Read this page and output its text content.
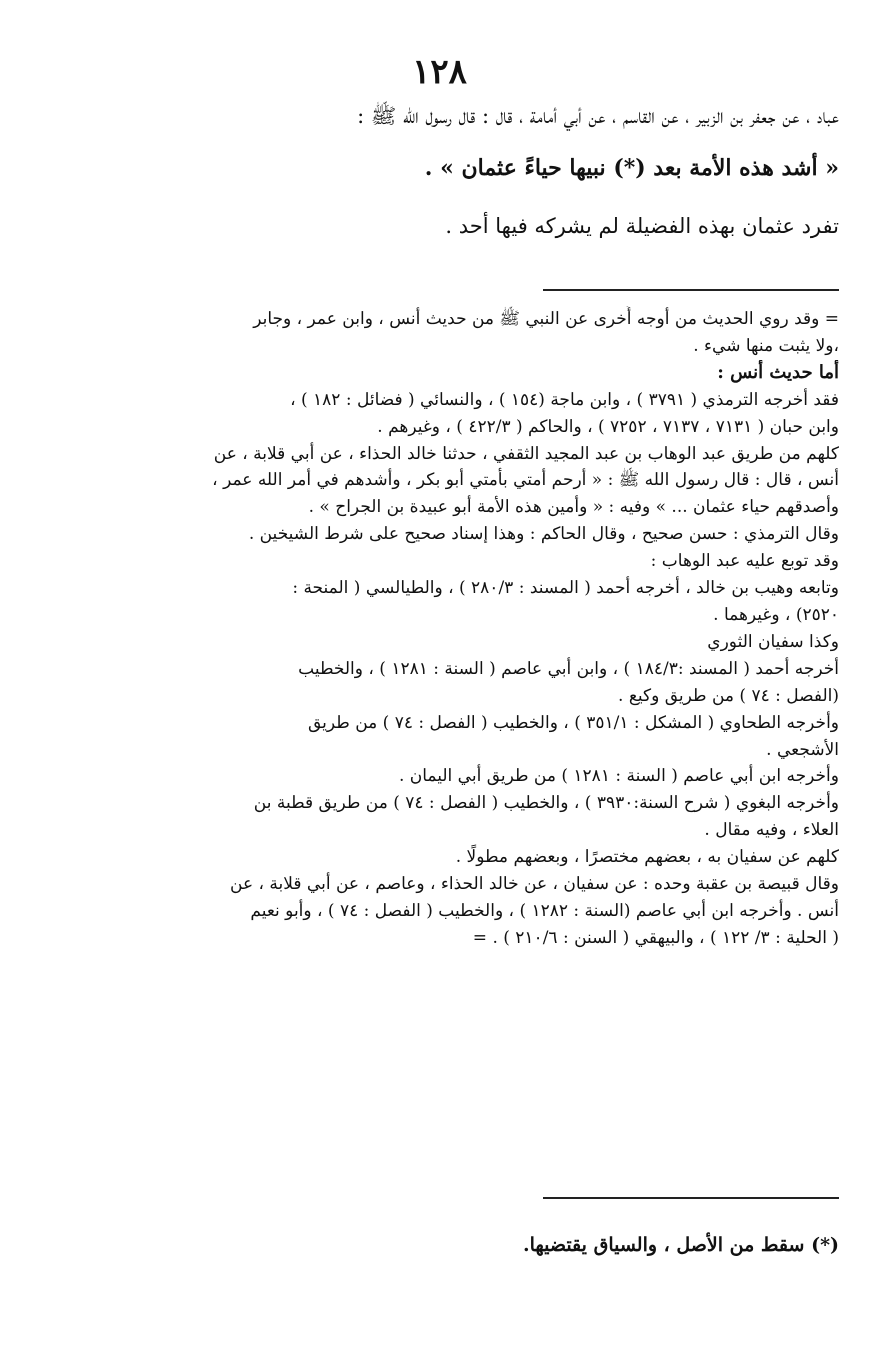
١٢٨

عباد ، عن جعفر بن الزبير ، عن القاسم ، عن أبي أمامة ، قال : قال رسول الله ﷺ :

« أشد هذه الأمة بعد (*) نبيها حياءً عثمان » .

تفرد عثمان بهذه الفضيلة لم يشركه فيها أحد .

= وقد روي الحديث من أوجه أُخرى عن النبي ﷺ من حديث أنس ، وابن عمر ، وجابر
،ولا يثبت منها شيء .
أما حديث أنس :
فقد أخرجه الترمذي ( ٣٧٩١ ) ، وابن ماجة (١٥٤ ) ، والنسائي ( فضائل : ١٨٢ ) ،
وابن حبان ( ٧١٣١ ، ٧١٣٧ ، ٧٢٥٢ ) ، والحاكم ( ٤٢٢/٣ ) ، وغيرهم .
كلهم من طريق عبد الوهاب بن عبد المجيد الثقفي ، حدثنا خالد الحذاء ، عن أبي قلابة ، عن
أنس ، قال : قال رسول الله ﷺ : « أرحم أمتي بأمتي أبو بكر ، وأشدهم في أمر الله عمر ،
وأصدقهم حياء عثمان ... » وفيه : « وأمين هذه الأمة أبو عبيدة بن الجراح » .
وقال الترمذي : حسن صحيح ، وقال الحاكم : وهذا إسناد صحيح على شرط الشيخين .
وقد توبع عليه عبد الوهاب :
وتابعه وهيب بن خالد ، أخرجه أحمد ( المسند : ٢٨٠/٣ ) ، والطيالسي ( المنحة :
٢٥٢٠) ، وغيرهما .
وكذا سفيان الثوري
أخرجه أحمد ( المسند :١٨٤/٣ ) ، وابن أبي عاصم ( السنة : ١٢٨١ ) ، والخطيب
(الفصل : ٧٤ ) من طريق وكيع .
وأخرجه الطحاوي ( المشكل : ٣٥١/١ ) ، والخطيب ( الفصل : ٧٤ ) من طريق
الأشجعي .
وأخرجه ابن أبي عاصم ( السنة : ١٢٨١ ) من طريق أبي اليمان .
وأخرجه البغوي ( شرح السنة:٣٩٣٠ ) ، والخطيب ( الفصل : ٧٤ ) من طريق قطبة بن
العلاء ، وفيه مقال .
كلهم عن سفيان به ، بعضهم مختصرًا ، وبعضهم مطولًا .
وقال قبيصة بن عقبة وحده : عن سفيان ، عن خالد الحذاء ، وعاصم ، عن أبي قلابة ، عن
أنس . وأخرجه ابن أبي عاصم (السنة : ١٢٨٢ ) ، والخطيب ( الفصل : ٧٤ ) ، وأبو نعيم
( الحلية : ٣/ ١٢٢ ) ، والبيهقي ( السنن : ٢١٠/٦ ) . =
(*) سقط من الأصل ، والسياق يقتضيها.
